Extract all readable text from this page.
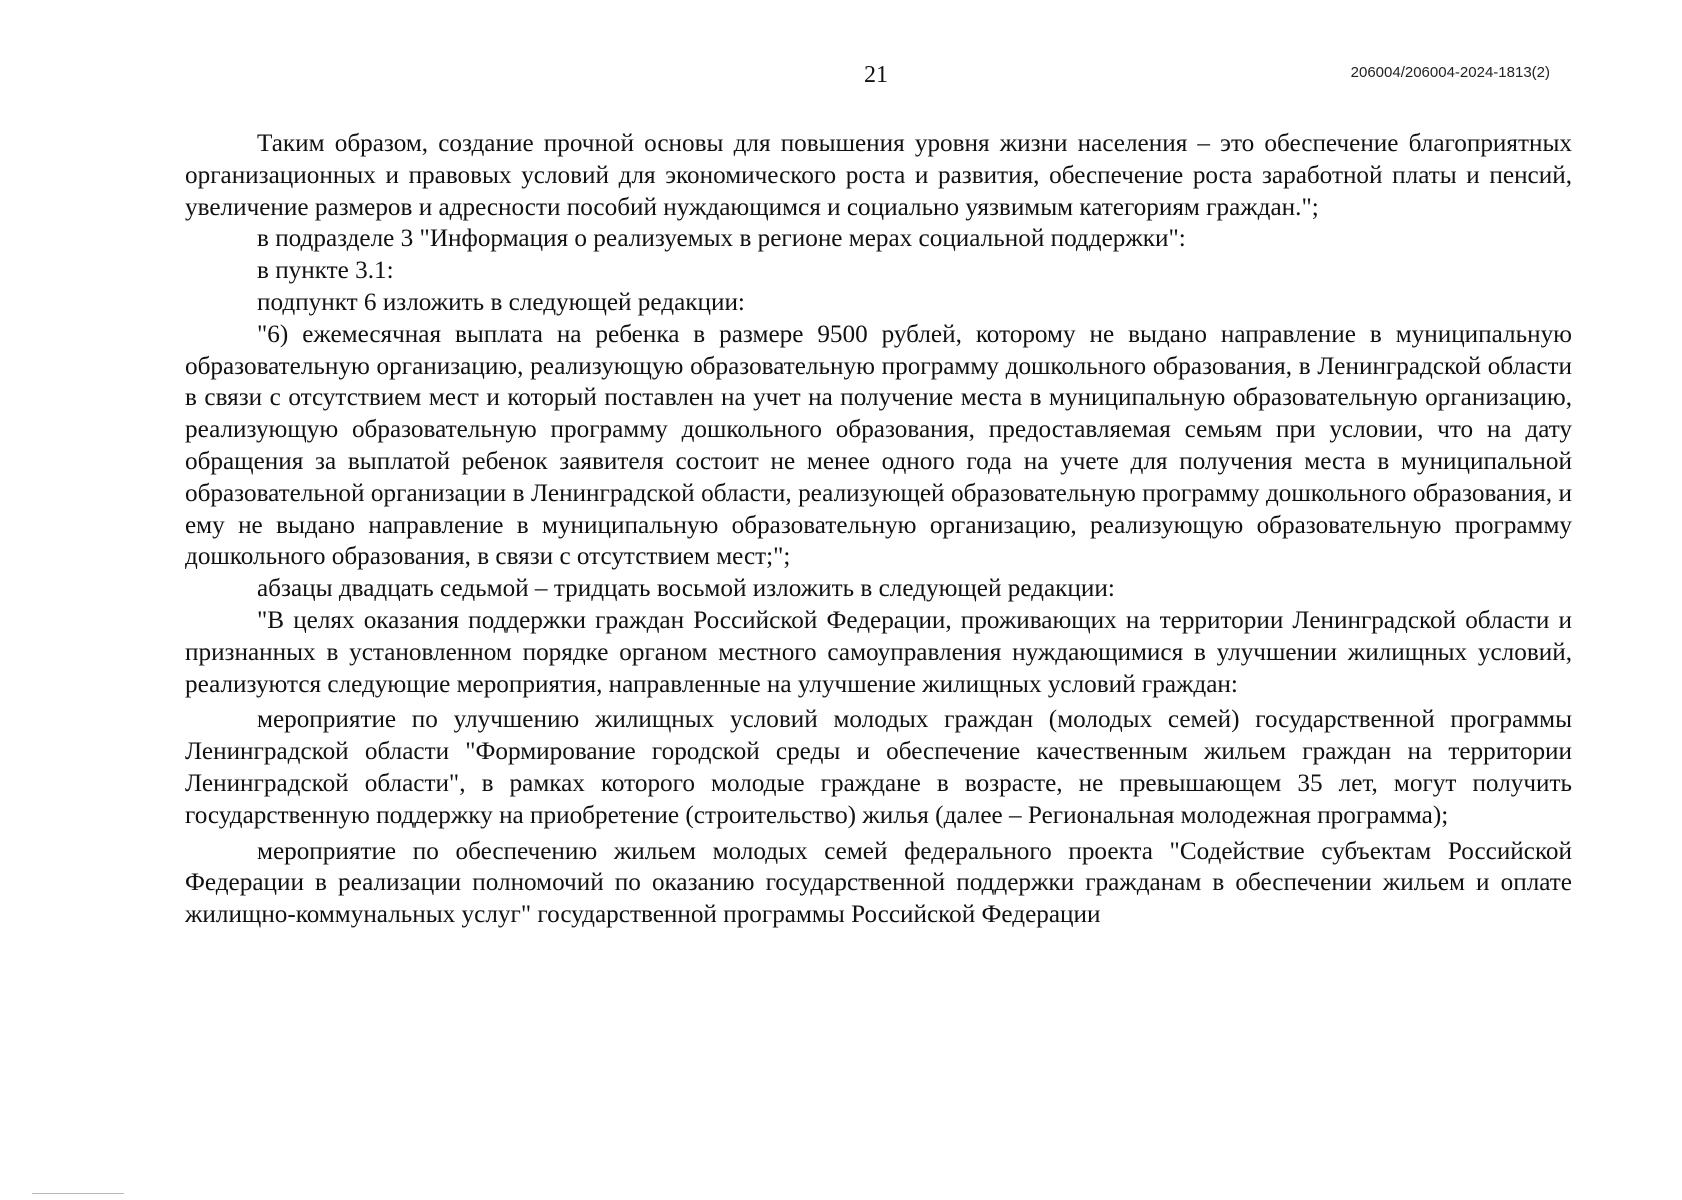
21	206004/206004-2024-1813(2)

Таким образом, создание прочной основы для повышения уровня жизни населения – это обеспечение благоприятных организационных и правовых условий для экономического роста и развития, обеспечение роста заработной платы и пенсий, увеличение размеров и адресности пособий нуждающимся и социально уязвимым категориям граждан.";

в подразделе 3 "Информация о реализуемых в регионе мерах социальной поддержки":

в пункте 3.1:

подпункт 6 изложить в следующей редакции:

"6) ежемесячная выплата на ребенка в размере 9500 рублей, которому не выдано направление в муниципальную образовательную организацию, реализующую образовательную программу дошкольного образования, в Ленинградской области в связи с отсутствием мест и который поставлен на учет на получение места в муниципальную образовательную организацию, реализующую образовательную программу дошкольного образования, предоставляемая семьям при условии, что на дату обращения за выплатой ребенок заявителя состоит не менее одного года на учете для получения места в муниципальной образовательной организации в Ленинградской области, реализующей образовательную программу дошкольного образования, и ему не выдано направление в муниципальную образовательную организацию, реализующую образовательную программу дошкольного образования, в связи с отсутствием мест;";

абзацы двадцать седьмой – тридцать восьмой изложить в следующей редакции:

"В целях оказания поддержки граждан Российской Федерации, проживающих на территории Ленинградской области и признанных в установленном порядке органом местного самоуправления нуждающимися в улучшении жилищных условий, реализуются следующие мероприятия, направленные на улучшение жилищных условий граждан:

мероприятие по улучшению жилищных условий молодых граждан (молодых семей) государственной программы Ленинградской области "Формирование городской среды и обеспечение качественным жильем граждан на территории Ленинградской области", в рамках которого молодые граждане в возрасте, не превышающем 35 лет, могут получить государственную поддержку на приобретение (строительство) жилья (далее – Региональная молодежная программа);

мероприятие по обеспечению жильем молодых семей федерального проекта "Содействие субъектам Российской Федерации в реализации полномочий по оказанию государственной поддержки гражданам в обеспечении жильем и оплате жилищно-коммунальных услуг" государственной программы Российской Федерации
